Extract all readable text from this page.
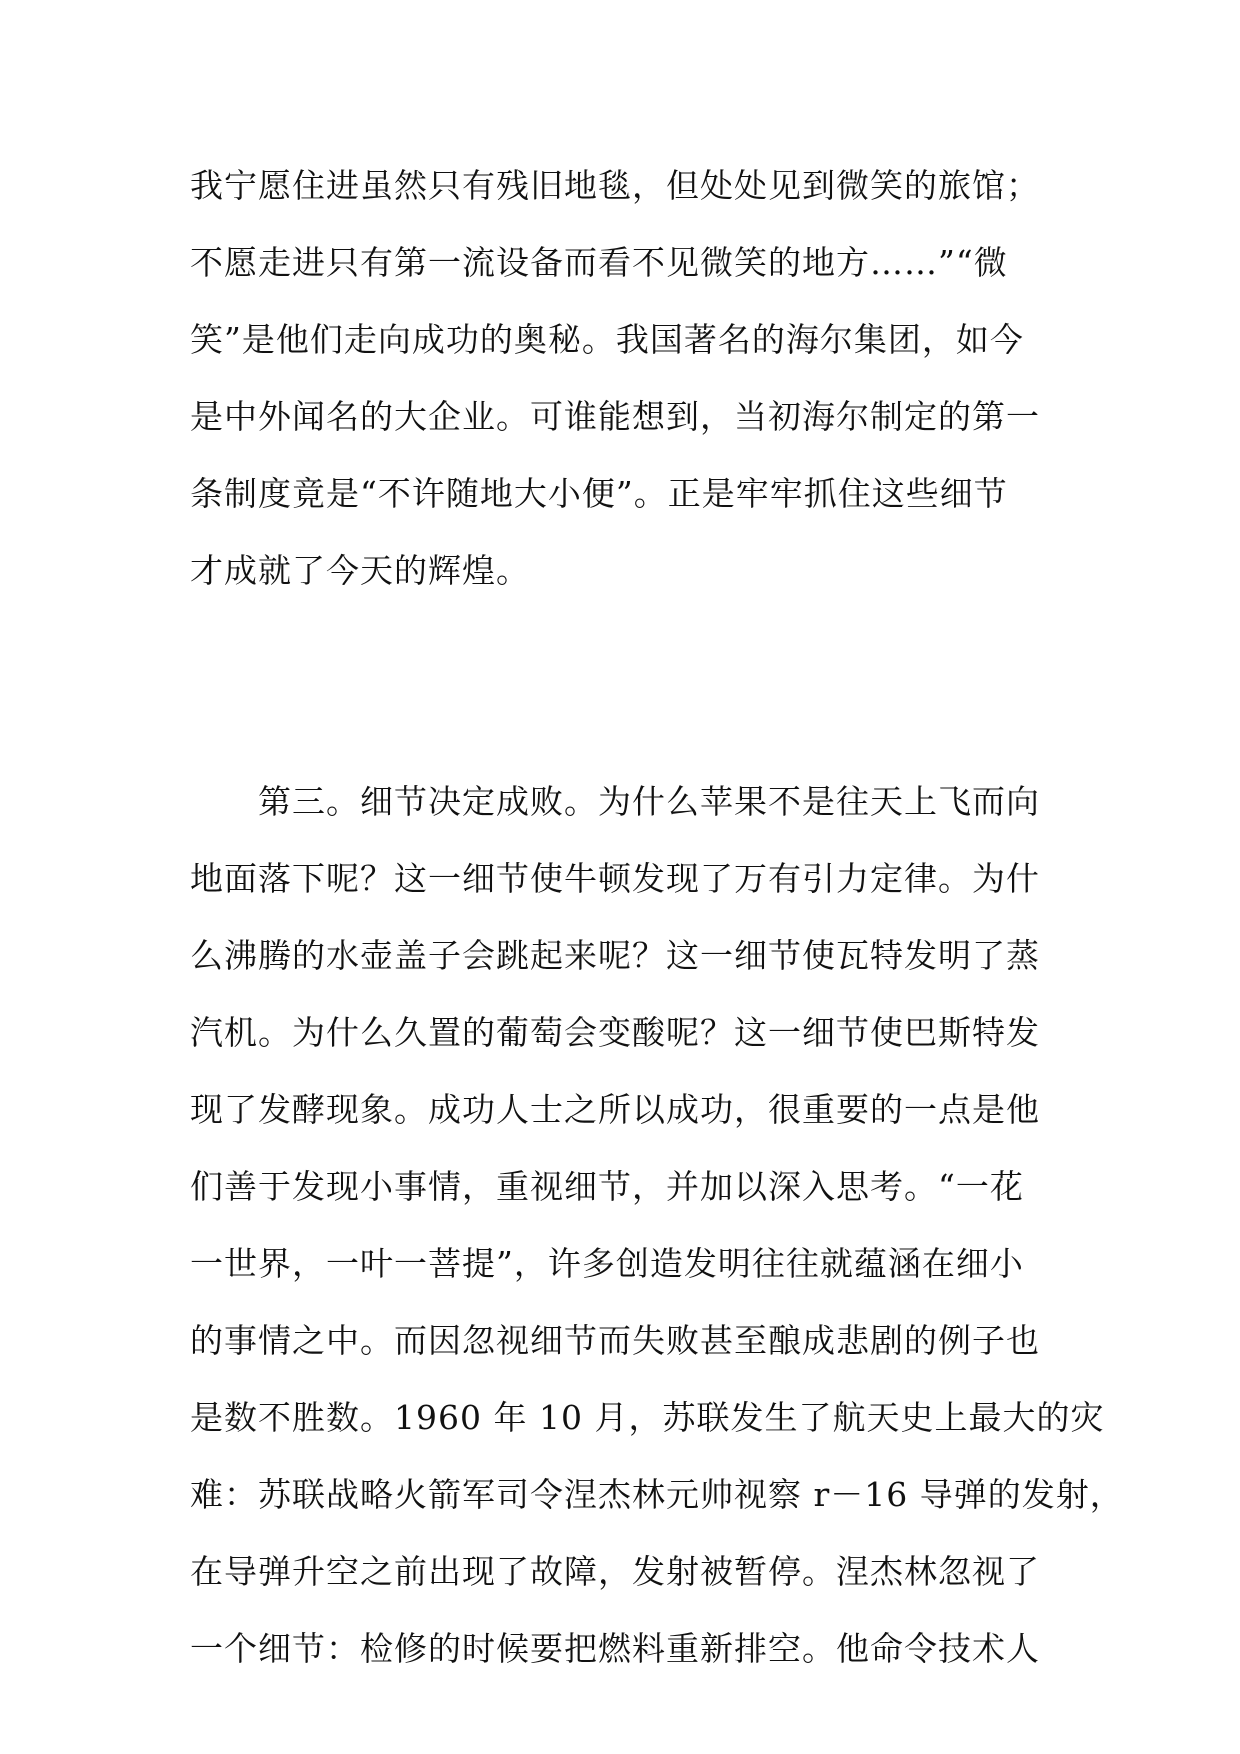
我宁愿住进虽然只有残旧地毯，但处处见到微笑的旅馆；
不愿走进只有第一流设备而看不见微笑的地方……”“微
笑”是他们走向成功的奥秘。我国著名的海尔集团，如今
是中外闻名的大企业。可谁能想到，当初海尔制定的第一
条制度竟是“不许随地大小便”。正是牢牢抓住这些细节
才成就了今天的辉煌。
第三。细节决定成败。为什么苹果不是往天上飞而向
地面落下呢？这一细节使牛顿发现了万有引力定律。为什
么沸腾的水壶盖子会跳起来呢？这一细节使瓦特发明了蒸
汽机。为什么久置的葡萄会变酸呢？这一细节使巴斯特发
现了发酵现象。成功人士之所以成功，很重要的一点是他
们善于发现小事情，重视细节，并加以深入思考。“一花
一世界，一叶一菩提”，许多创造发明往往就蕴涵在细小
的事情之中。而因忽视细节而失败甚至酿成悲剧的例子也
是数不胜数。1960 年 10 月，苏联发生了航天史上最大的灾
难：苏联战略火箭军司令涅杰林元帅视察 r－16 导弹的发射，
在导弹升空之前出现了故障，发射被暂停。涅杰林忽视了
一个细节：检修的时候要把燃料重新排空。他命令技术人
